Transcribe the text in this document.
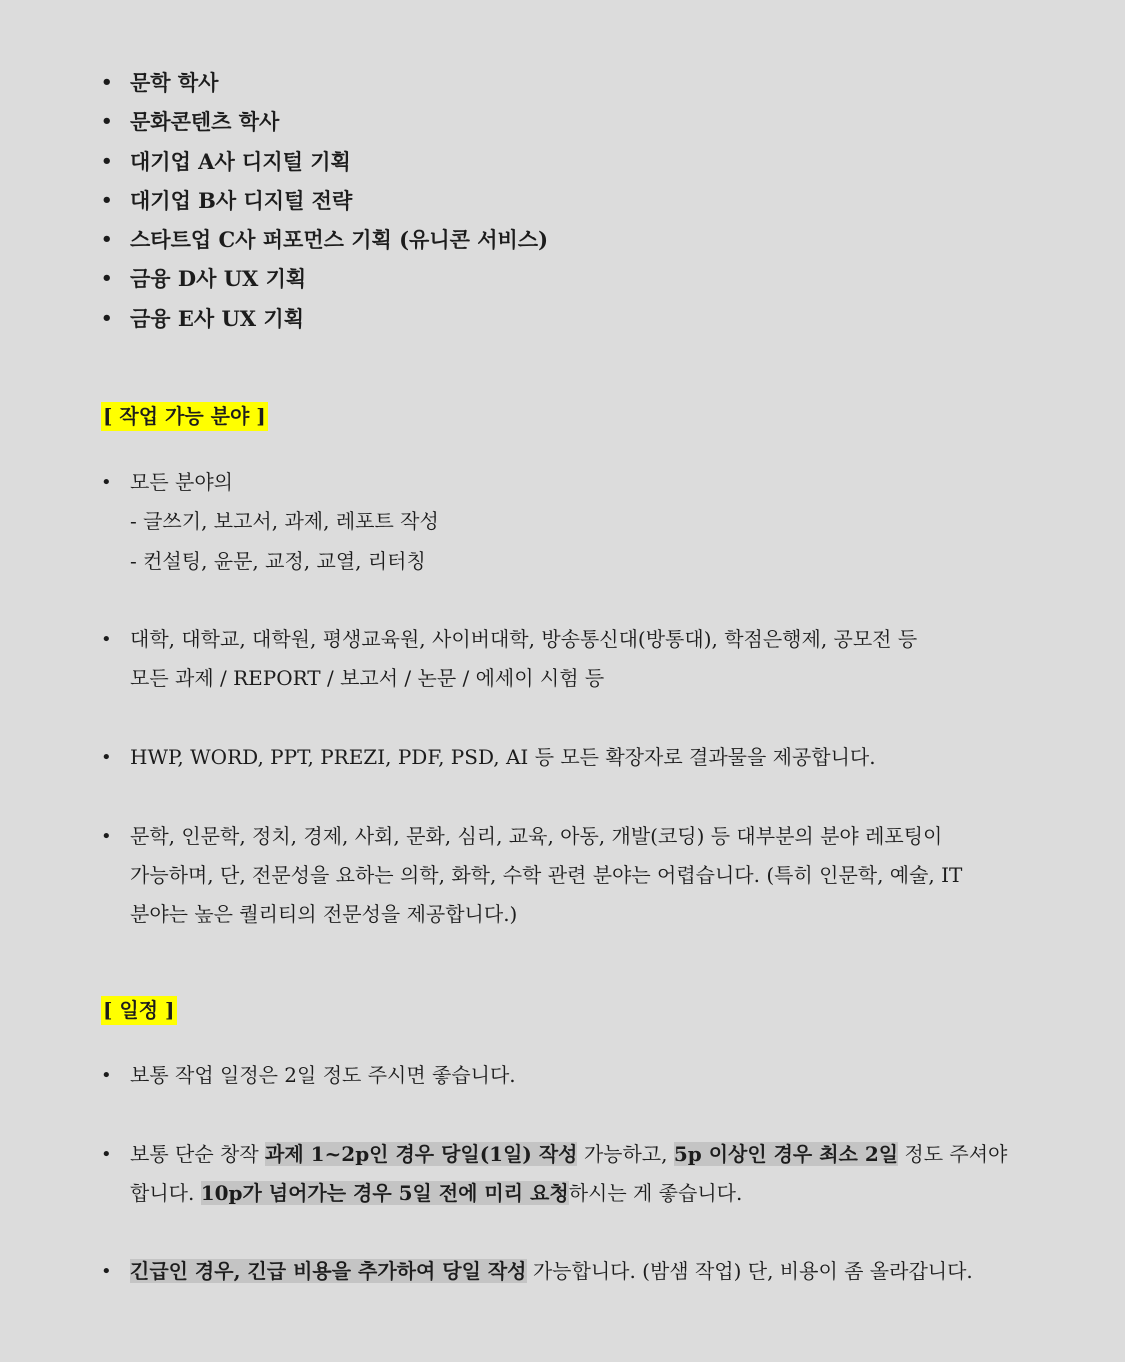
• 문학 학사
• 문화콘텐츠 학사
• 대기업 A사 디지털 기획
• 대기업 B사 디지털 전략
• 스타트업 C사 퍼포먼스 기획 (유니콘 서비스)
• 금융 D사 UX 기획
• 금융 E사 UX 기획
[ 작업 가능 분야 ]
• 모든 분야의
- 글쓰기, 보고서, 과제, 레포트 작성
- 컨설팅, 윤문, 교정, 교열, 리터칭
• 대학, 대학교, 대학원, 평생교육원, 사이버대학, 방송통신대(방통대), 학점은행제, 공모전 등
모든 과제 / REPORT / 보고서 / 논문 / 에세이 시험 등
• HWP, WORD, PPT, PREZI, PDF, PSD, AI 등 모든 확장자로 결과물을 제공합니다.
• 문학, 인문학, 정치, 경제, 사회, 문화, 심리, 교육, 아동, 개발(코딩) 등 대부분의 분야 레포팅이
가능하며, 단, 전문성을 요하는 의학, 화학, 수학 관련 분야는 어렵습니다. (특히 인문학, 예술, IT
분야는 높은 퀄리티의 전문성을 제공합니다.)
[ 일정 ]
• 보통 작업 일정은 2일 정도 주시면 좋습니다.
• 보통 단순 창작 과제 1~2p인 경우 당일(1일) 작성 가능하고, 5p 이상인 경우 최소 2일 정도 주셔야
합니다. 10p가 넘어가는 경우 5일 전에 미리 요청하시는 게 좋습니다.
• 긴급인 경우, 긴급 비용을 추가하여 당일 작성 가능합니다. (밤샘 작업) 단, 비용이 좀 올라갑니다.
